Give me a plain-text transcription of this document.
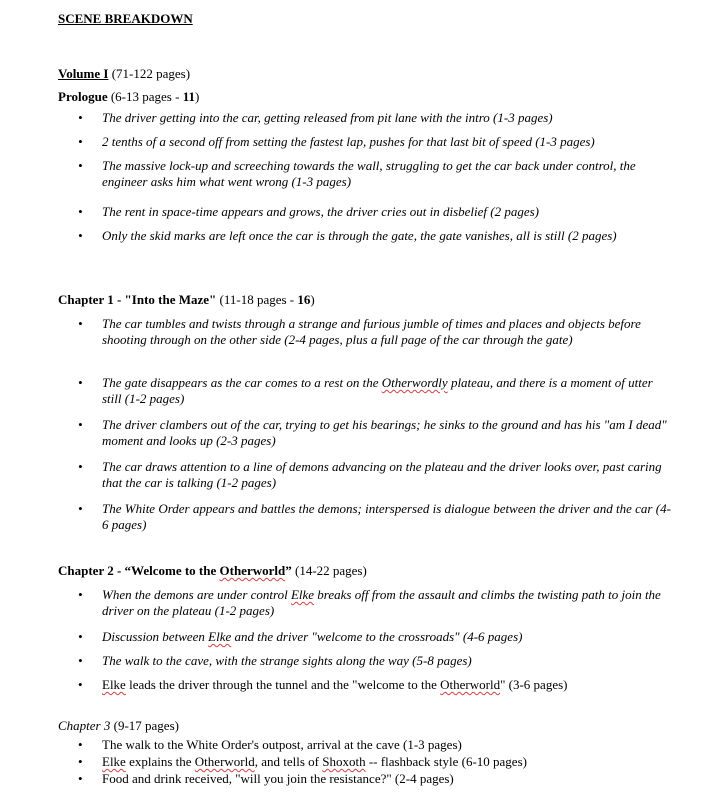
SCENE BREAKDOWN
Volume I (71-122 pages)
Prologue (6-13 pages - 11)
• The driver getting into the car, getting released from pit lane with the intro (1-3 pages)
• 2 tenths of a second off from setting the fastest lap, pushes for that last bit of speed (1-3 pages)
• The massive lock-up and screeching towards the wall, struggling to get the car back under control, the engineer asks him what went wrong (1-3 pages)
• The rent in space-time appears and grows, the driver cries out in disbelief (2 pages)
• Only the skid marks are left once the car is through the gate, the gate vanishes, all is still (2 pages)
Chapter 1 - "Into the Maze" (11-18 pages - 16)
• The car tumbles and twists through a strange and furious jumble of times and places and objects before shooting through on the other side (2-4 pages, plus a full page of the car through the gate)
• The gate disappears as the car comes to a rest on the Otherwordly plateau, and there is a moment of utter still (1-2 pages)
• The driver clambers out of the car, trying to get his bearings; he sinks to the ground and has his "am I dead" moment and looks up (2-3 pages)
• The car draws attention to a line of demons advancing on the plateau and the driver looks over, past caring that the car is talking (1-2 pages)
• The White Order appears and battles the demons; interspersed is dialogue between the driver and the car (4-6 pages)
Chapter 2 - “Welcome to the Otherworld” (14-22 pages)
• When the demons are under control Elke breaks off from the assault and climbs the twisting path to join the driver on the plateau (1-2 pages)
• Discussion between Elke and the driver "welcome to the crossroads" (4-6 pages)
• The walk to the cave, with the strange sights along the way (5-8 pages)
• Elke leads the driver through the tunnel and the "welcome to the Otherworld" (3-6 pages)
Chapter 3 (9-17 pages)
• The walk to the White Order's outpost, arrival at the cave (1-3 pages)
• Elke explains the Otherworld, and tells of Shoxoth -- flashback style (6-10 pages)
• Food and drink received, "will you join the resistance?" (2-4 pages)
